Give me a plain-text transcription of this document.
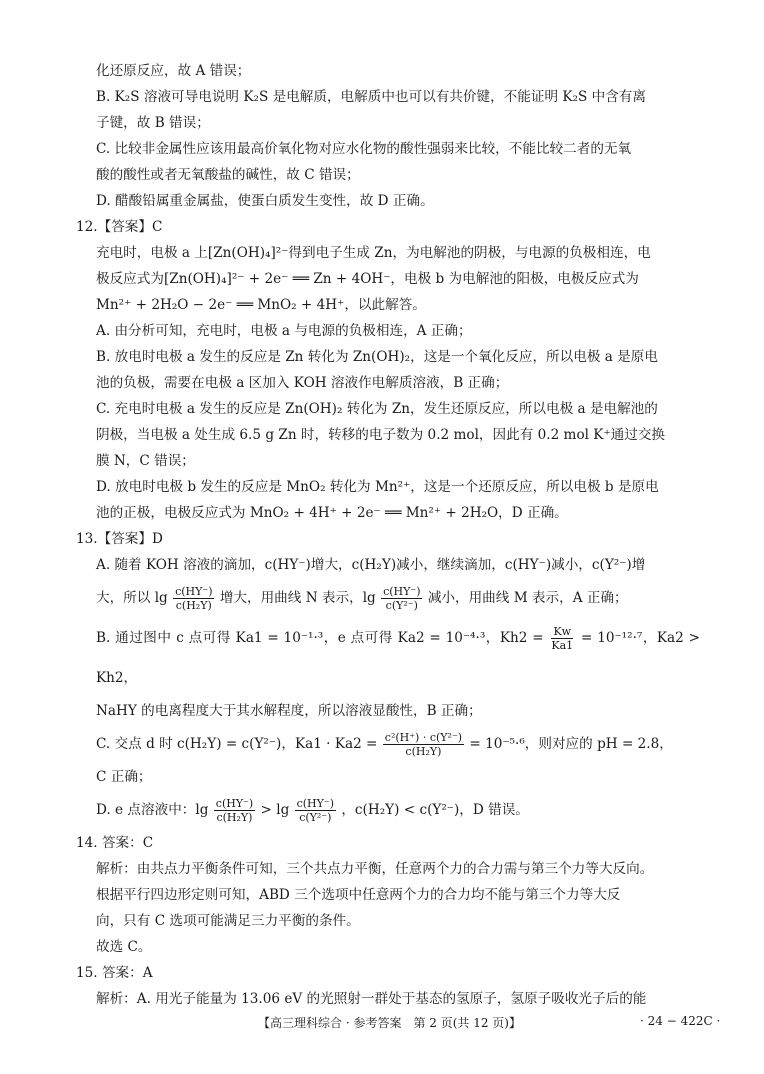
化还原反应，故 A 错误；

B. K₂S 溶液可导电说明 K₂S 是电解质，电解质中也可以有共价键，不能证明 K₂S 中含有离

子键，故 B 错误；

C. 比较非金属性应该用最高价氧化物对应水化物的酸性强弱来比较，不能比较二者的无氧

酸的酸性或者无氧酸盐的碱性，故 C 错误；

D. 醋酸铅属重金属盐，使蛋白质发生变性，故 D 正确。

12.【答案】C

充电时，电极 a 上[Zn(OH)₄]²⁻得到电子生成 Zn，为电解池的阴极，与电源的负极相连，电

极反应式为[Zn(OH)₄]²⁻ + 2e⁻ ══ Zn + 4OH⁻，电极 b 为电解池的阳极，电极反应式为

Mn²⁺ + 2H₂O − 2e⁻ ══ MnO₂ + 4H⁺，以此解答。

A. 由分析可知，充电时，电极 a 与电源的负极相连，A 正确；

B. 放电时电极 a 发生的反应是 Zn 转化为 Zn(OH)₂，这是一个氧化反应，所以电极 a 是原电

池的负极，需要在电极 a 区加入 KOH 溶液作电解质溶液，B 正确；

C. 充电时电极 a 发生的反应是 Zn(OH)₂ 转化为 Zn，发生还原反应，所以电极 a 是电解池的

阴极，当电极 a 处生成 6.5 g Zn 时，转移的电子数为 0.2 mol，因此有 0.2 mol K⁺通过交换

膜 N，C 错误；

D. 放电时电极 b 发生的反应是 MnO₂ 转化为 Mn²⁺，这是一个还原反应，所以电极 b 是原电

池的正极，电极反应式为 MnO₂ + 4H⁺ + 2e⁻ ══ Mn²⁺ + 2H₂O，D 正确。

13.【答案】D

A. 随着 KOH 溶液的滴加，c(HY⁻)增大，c(H₂Y)减小，继续滴加，c(HY⁻)减小，c(Y²⁻)增

大，所以 $\lg \frac{c(HY^-)}{\text{c(H₂Y)}}$ 增大，用曲线 N 表示，$\lg \frac{c(HY^-)}{\text{c(Y²⁻)}}$ 减小，用曲线 M 表示，A 正确；

B. 通过图中 c 点可得 Ka1 = 10⁻¹·³，e 点可得 Ka2 = 10⁻⁴·³，$Kh2 = \frac{Kw}{Ka1} = 10^{-12}\cdot^7$，Ka2 > Kh2，

NaHY 的电离程度大于其水解程度，所以溶液显酸性，B 正确；

C. 交点 d 时 c(H₂Y) = c(Y²⁻)，$Ka1 \cdot Ka2 = \frac{\text{c²(H⁺) · c(Y²⁻)}}{\text{c(H₂Y)}} = 10^{-5}\cdot^6$，则对应的 pH = 2.8，

C 正确；

D. e 点溶液中：$\lg \frac{c(HY^-)}{\text{c(H₂Y)}} > \lg \frac{c(HY^-)}{\text{c(Y²⁻)}}$ ，c(H₂Y) < c(Y²⁻)，D 错误。

14. 答案：C

解析：由共点力平衡条件可知，三个共点力平衡，任意两个力的合力需与第三个力等大反向。

根据平行四边形定则可知，ABD 三个选项中任意两个力的合力均不能与第三个力等大反

向，只有 C 选项可能满足三力平衡的条件。

故选 C。

15. 答案：A

解析：A. 用光子能量为 13.06 eV 的光照射一群处于基态的氢原子，氢原子吸收光子后的能

【高三理科综合 · 参考答案　第 2 页(共 12 页)】	· 24 − 422C ·
